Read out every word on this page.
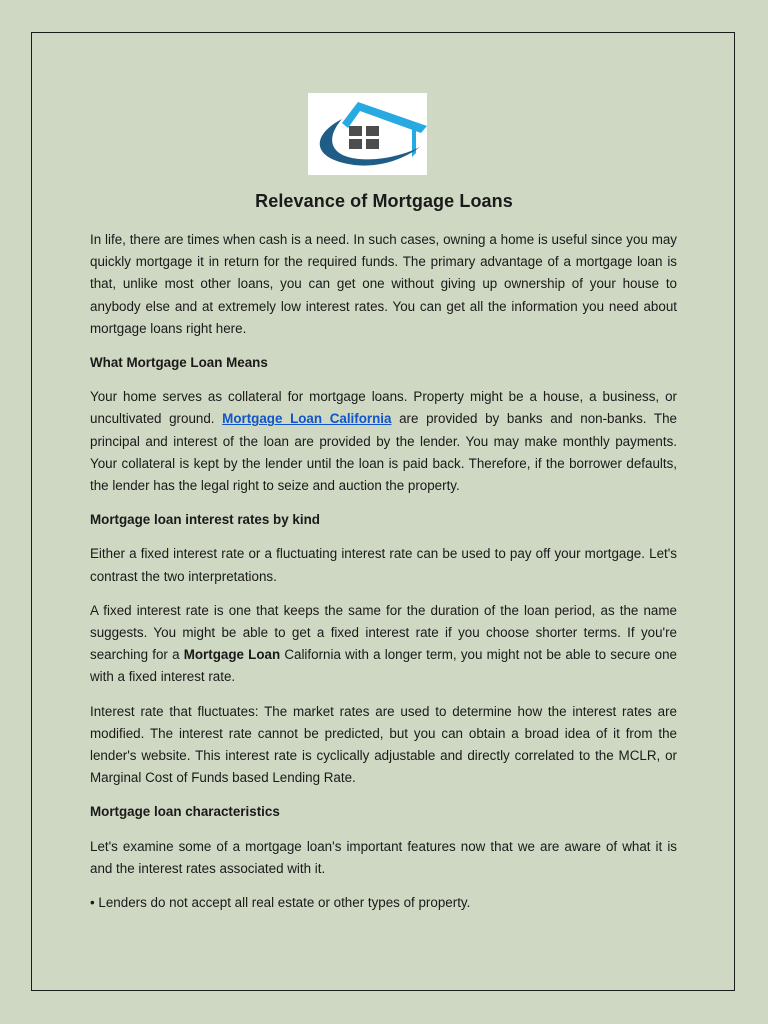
Relevance of Mortgage Loans

In life, there are times when cash is a need. In such cases, owning a home is useful since you may quickly mortgage it in return for the required funds. The primary advantage of a mortgage loan is that, unlike most other loans, you can get one without giving up ownership of your house to anybody else and at extremely low interest rates. You can get all the information you need about mortgage loans right here.

What Mortgage Loan Means

Your home serves as collateral for mortgage loans. Property might be a house, a business, or uncultivated ground. Mortgage Loan California are provided by banks and non-banks. The principal and interest of the loan are provided by the lender. You may make monthly payments. Your collateral is kept by the lender until the loan is paid back. Therefore, if the borrower defaults, the lender has the legal right to seize and auction the property.

Mortgage loan interest rates by kind

Either a fixed interest rate or a fluctuating interest rate can be used to pay off your mortgage. Let's contrast the two interpretations.

A fixed interest rate is one that keeps the same for the duration of the loan period, as the name suggests. You might be able to get a fixed interest rate if you choose shorter terms. If you're searching for a Mortgage Loan California with a longer term, you might not be able to secure one with a fixed interest rate.

Interest rate that fluctuates: The market rates are used to determine how the interest rates are modified. The interest rate cannot be predicted, but you can obtain a broad idea of it from the lender's website. This interest rate is cyclically adjustable and directly correlated to the MCLR, or Marginal Cost of Funds based Lending Rate.

Mortgage loan characteristics

Let's examine some of a mortgage loan's important features now that we are aware of what it is and the interest rates associated with it.

• Lenders do not accept all real estate or other types of property.
